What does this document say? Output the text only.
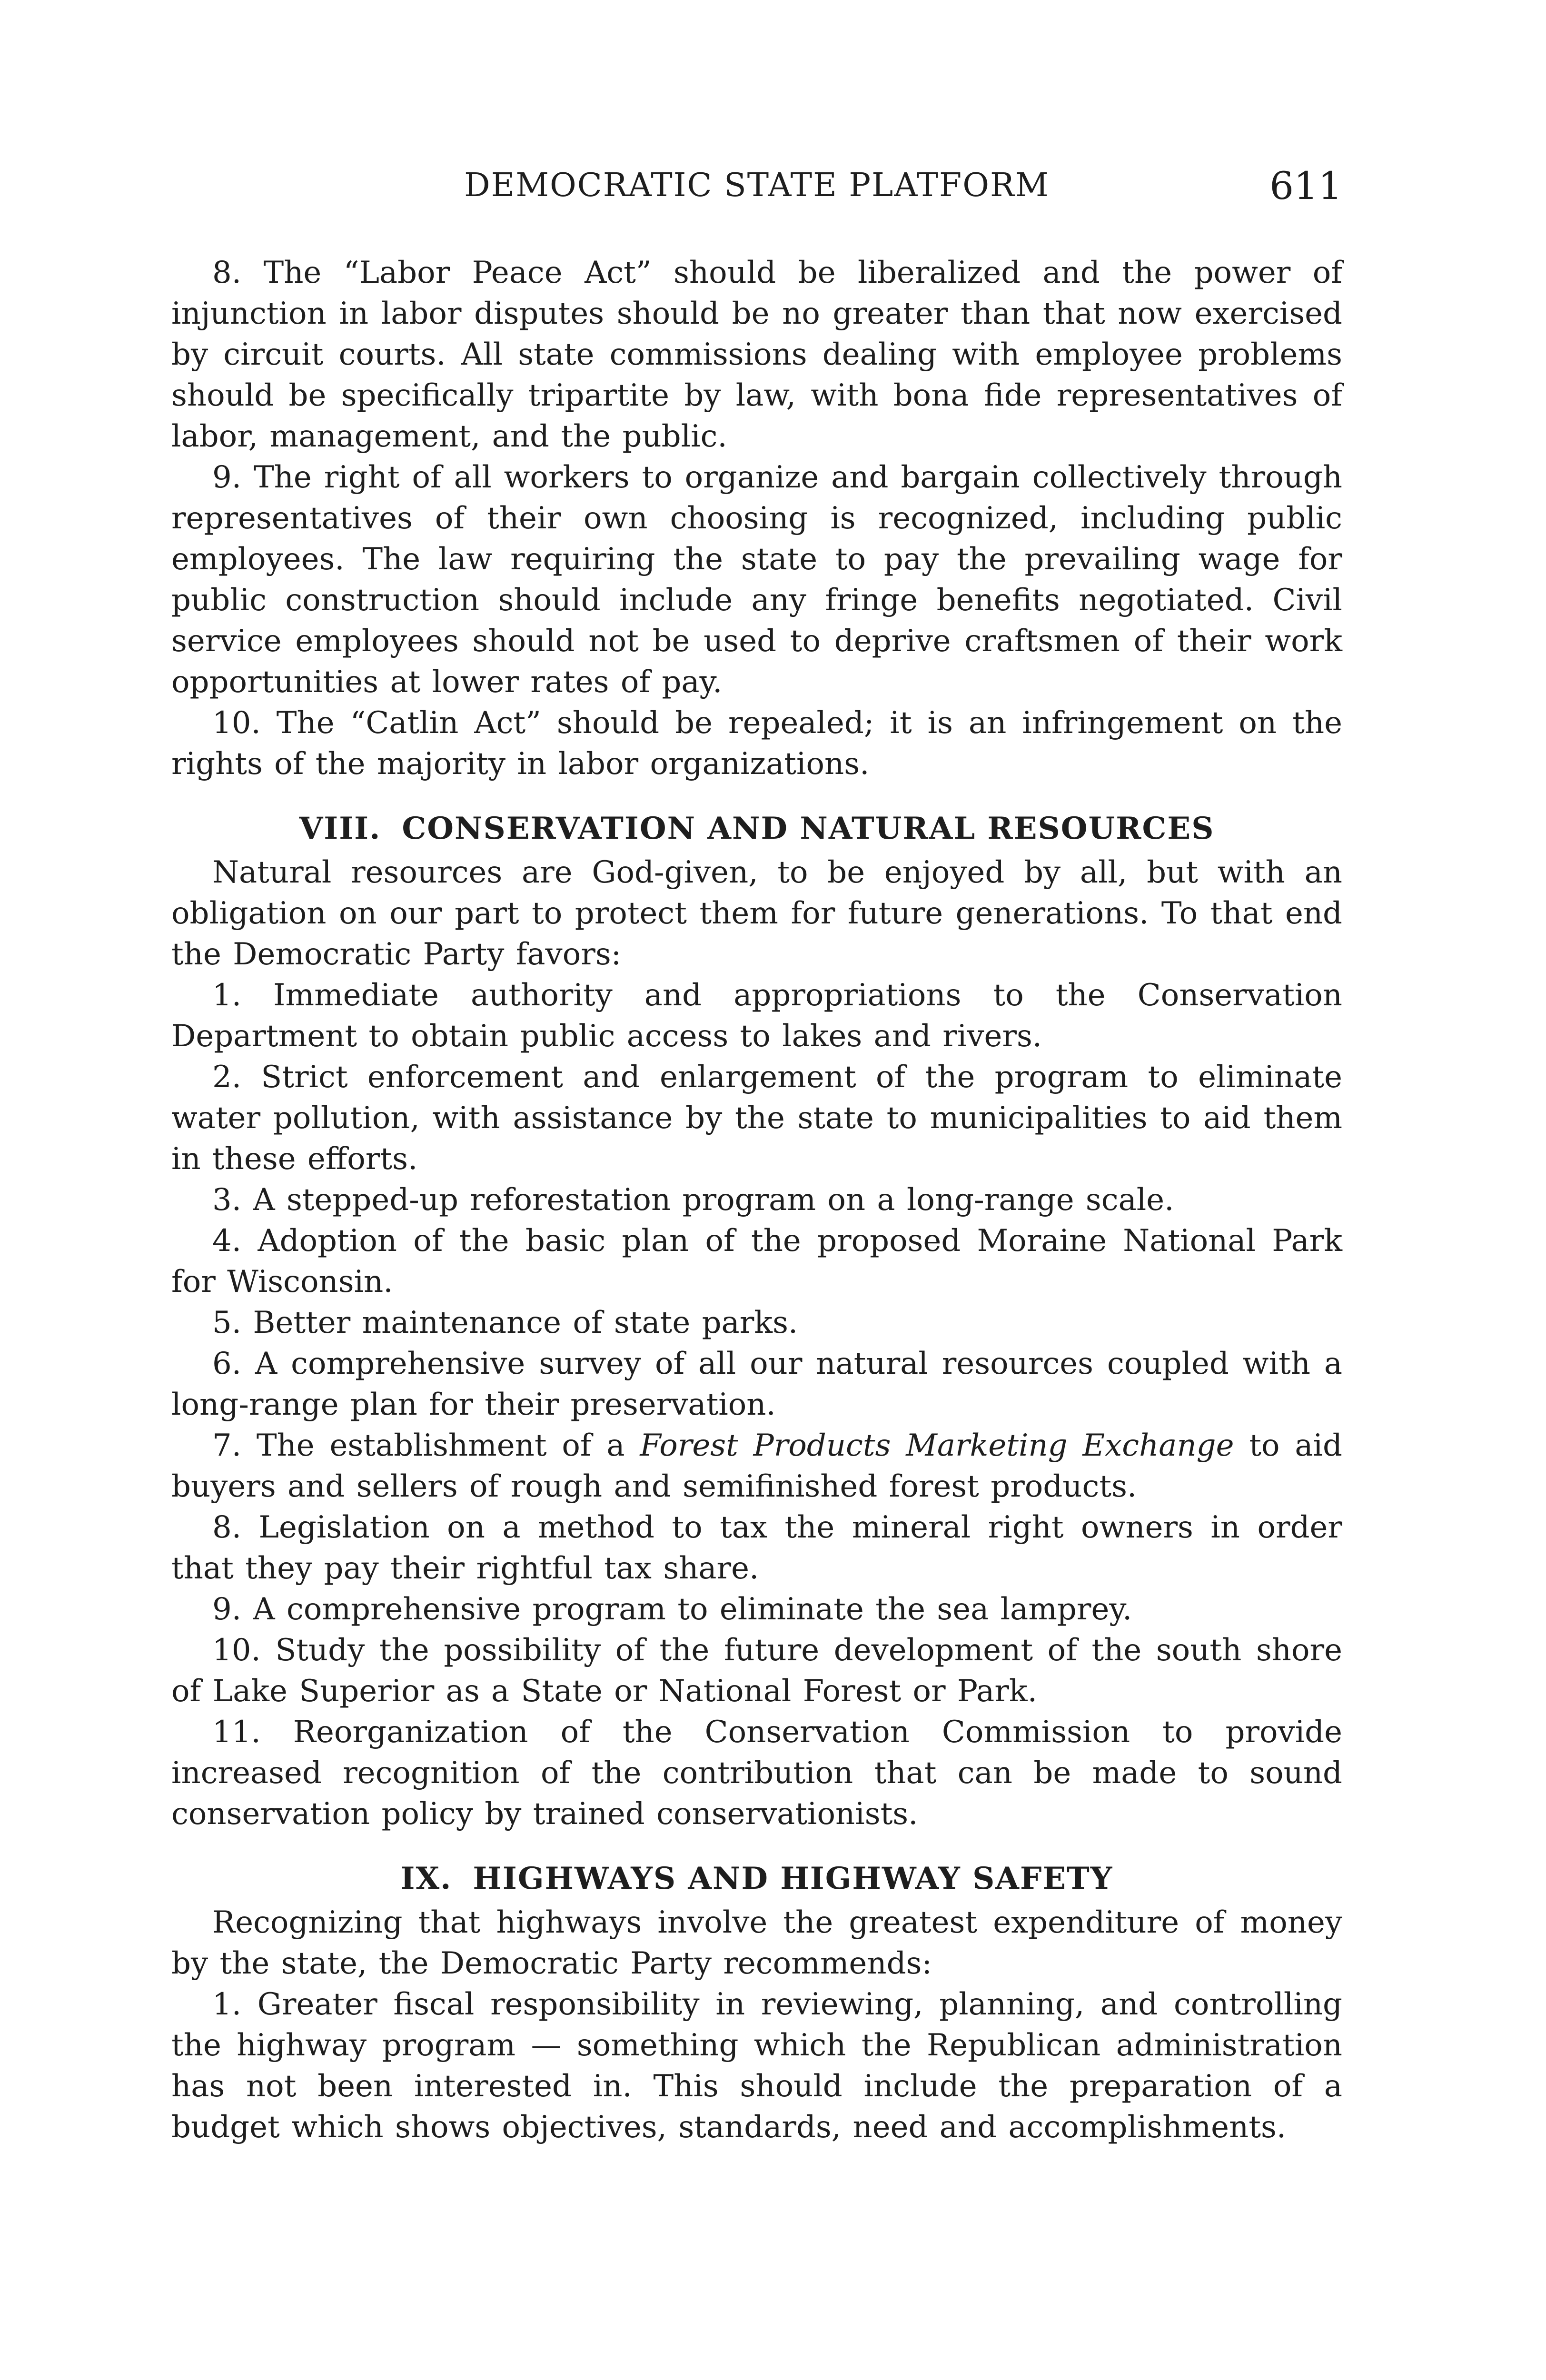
DEMOCRATIC STATE PLATFORM	611

8. The “Labor Peace Act” should be liberalized and the power of injunction in labor disputes should be no greater than that now exercised by circuit courts. All state commissions dealing with employee problems should be specifically tripartite by law, with bona fide representatives of labor, management, and the public.

9. The right of all workers to organize and bargain collectively through representatives of their own choosing is recognized, including public employees. The law requiring the state to pay the prevailing wage for public construction should include any fringe benefits negotiated. Civil service employees should not be used to deprive craftsmen of their work opportunities at lower rates of pay.

10. The “Catlin Act” should be repealed; it is an infringement on the rights of the majority in labor organizations.

VIII. CONSERVATION AND NATURAL RESOURCES

Natural resources are God-given, to be enjoyed by all, but with an obligation on our part to protect them for future generations. To that end the Democratic Party favors:

1. Immediate authority and appropriations to the Conservation Department to obtain public access to lakes and rivers.

2. Strict enforcement and enlargement of the program to eliminate water pollution, with assistance by the state to municipalities to aid them in these efforts.

3. A stepped-up reforestation program on a long-range scale.

4. Adoption of the basic plan of the proposed Moraine National Park for Wisconsin.

5. Better maintenance of state parks.

6. A comprehensive survey of all our natural resources coupled with a long-range plan for their preservation.

7. The establishment of a Forest Products Marketing Exchange to aid buyers and sellers of rough and semifinished forest products.

8. Legislation on a method to tax the mineral right owners in order that they pay their rightful tax share.

9. A comprehensive program to eliminate the sea lamprey.

10. Study the possibility of the future development of the south shore of Lake Superior as a State or National Forest or Park.

11. Reorganization of the Conservation Commission to provide increased recognition of the contribution that can be made to sound conservation policy by trained conservationists.

IX. HIGHWAYS AND HIGHWAY SAFETY

Recognizing that highways involve the greatest expenditure of money by the state, the Democratic Party recommends:

1. Greater fiscal responsibility in reviewing, planning, and controlling the highway program — something which the Republican administration has not been interested in. This should include the preparation of a budget which shows objectives, standards, need and accomplishments.
